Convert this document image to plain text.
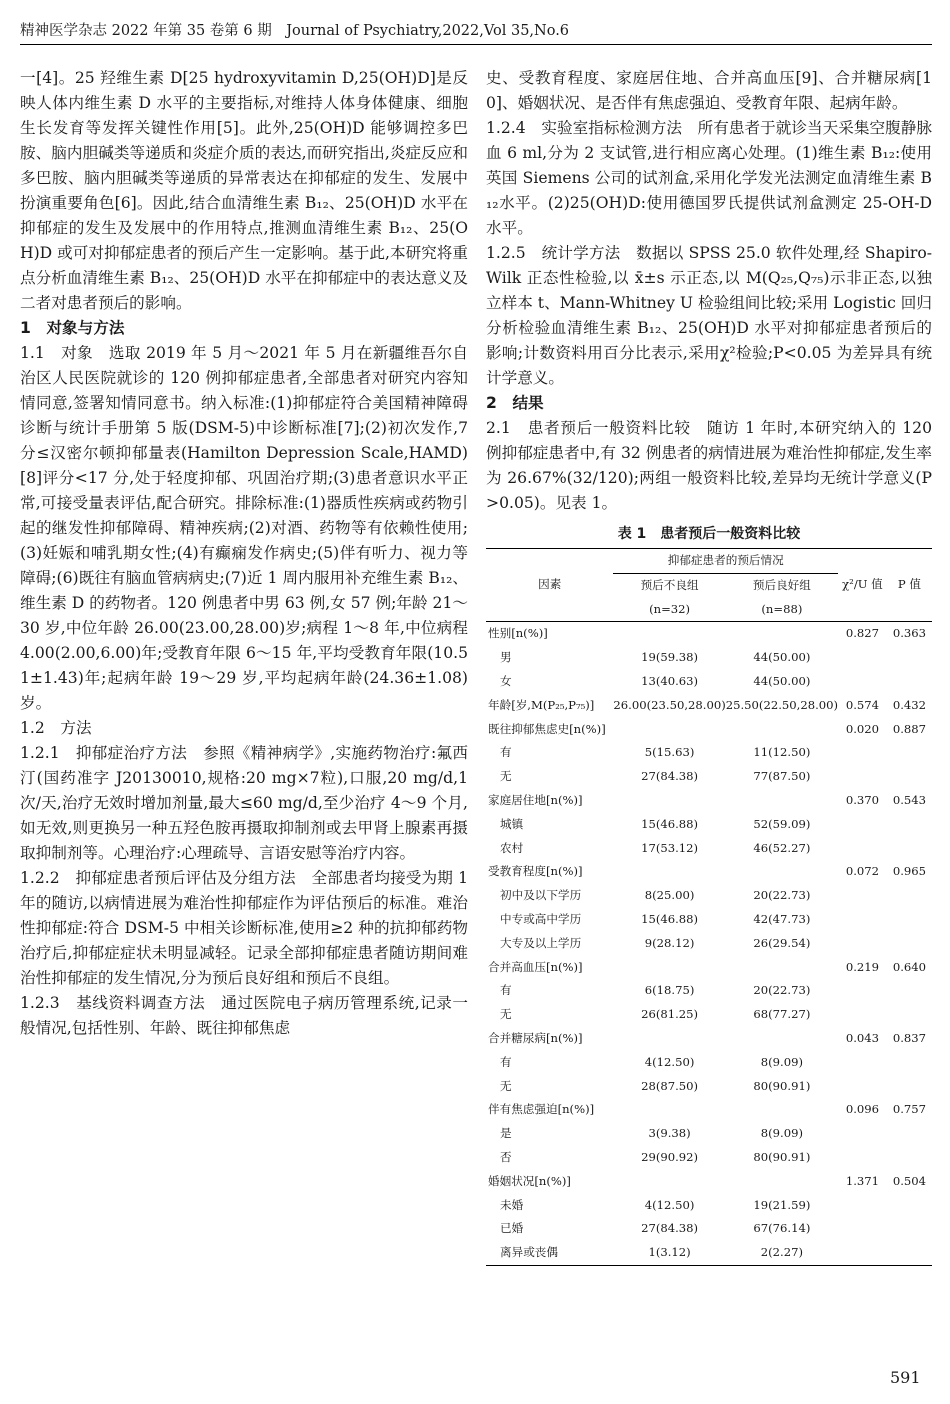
精神医学杂志 2022 年第 35 卷第 6 期　Journal of Psychiatry,2022,Vol 35,No.6

一[4]。25 羟维生素 D[25 hydroxyvitamin D,25(OH)D]是反映人体内维生素 D 水平的主要指标,对维持人体身体健康、细胞生长发育等发挥关键性作用[5]。此外,25(OH)D 能够调控多巴胺、脑内胆碱类等递质和炎症介质的表达,而研究指出,炎症反应和多巴胺、脑内胆碱类等递质的异常表达在抑郁症的发生、发展中扮演重要角色[6]。因此,结合血清维生素 B₁₂、25(OH)D 水平在抑郁症的发生及发展中的作用特点,推测血清维生素 B₁₂、25(OH)D 或可对抑郁症患者的预后产生一定影响。基于此,本研究将重点分析血清维生素 B₁₂、25(OH)D 水平在抑郁症中的表达意义及二者对患者预后的影响。

1　对象与方法

1.1　对象　选取 2019 年 5 月～2021 年 5 月在新疆维吾尔自治区人民医院就诊的 120 例抑郁症患者,全部患者对研究内容知情同意,签署知情同意书。纳入标准:(1)抑郁症符合美国精神障碍诊断与统计手册第 5 版(DSM-5)中诊断标准[7];(2)初次发作,7 分≤汉密尔顿抑郁量表(Hamilton Depression Scale,HAMD)[8]评分<17 分,处于轻度抑郁、巩固治疗期;(3)患者意识水平正常,可接受量表评估,配合研究。排除标准:(1)器质性疾病或药物引起的继发性抑郁障碍、精神疾病;(2)对酒、药物等有依赖性使用;(3)妊娠和哺乳期女性;(4)有癫痫发作病史;(5)伴有听力、视力等障碍;(6)既往有脑血管病病史;(7)近 1 周内服用补充维生素 B₁₂、维生素 D 的药物者。120 例患者中男 63 例,女 57 例;年龄 21～30 岁,中位年龄 26.00(23.00,28.00)岁;病程 1～8 年,中位病程 4.00(2.00,6.00)年;受教育年限 6～15 年,平均受教育年限(10.51±1.43)年;起病年龄 19～29 岁,平均起病年龄(24.36±1.08)岁。

1.2　方法

1.2.1　抑郁症治疗方法　参照《精神病学》,实施药物治疗:氟西汀(国药准字 J20130010,规格:20 mg×7粒),口服,20 mg/d,1 次/天,治疗无效时增加剂量,最大≤60 mg/d,至少治疗 4～9 个月,如无效,则更换另一种五羟色胺再摄取抑制剂或去甲肾上腺素再摄取抑制剂等。心理治疗:心理疏导、言语安慰等治疗内容。

1.2.2　抑郁症患者预后评估及分组方法　全部患者均接受为期 1 年的随访,以病情进展为难治性抑郁症作为评估预后的标准。难治性抑郁症:符合 DSM-5 中相关诊断标准,使用≥2 种的抗抑郁药物治疗后,抑郁症症状未明显减轻。记录全部抑郁症患者随访期间难治性抑郁症的发生情况,分为预后良好组和预后不良组。

1.2.3　基线资料调查方法　通过医院电子病历管理系统,记录一般情况,包括性别、年龄、既往抑郁焦虑

史、受教育程度、家庭居住地、合并高血压[9]、合并糖尿病[10]、婚姻状况、是否伴有焦虑强迫、受教育年限、起病年龄。

1.2.4　实验室指标检测方法　所有患者于就诊当天采集空腹静脉血 6 ml,分为 2 支试管,进行相应离心处理。(1)维生素 B₁₂:使用英国 Siemens 公司的试剂盒,采用化学发光法测定血清维生素 B₁₂水平。(2)25(OH)D:使用德国罗氏提供试剂盒测定 25-OH-D 水平。

1.2.5　统计学方法　数据以 SPSS 25.0 软件处理,经 Shapiro-Wilk 正态性检验,以 x̄±s 示正态,以 M(Q₂₅,Q₇₅)示非正态,以独立样本 t、Mann-Whitney U 检验组间比较;采用 Logistic 回归分析检验血清维生素 B₁₂、25(OH)D 水平对抑郁症患者预后的影响;计数资料用百分比表示,采用χ²检验;P<0.05 为差异具有统计学意义。

2　结果

2.1　患者预后一般资料比较　随访 1 年时,本研究纳入的 120 例抑郁症患者中,有 32 例患者的病情进展为难治性抑郁症,发生率为 26.67%(32/120);两组一般资料比较,差异均无统计学意义(P>0.05)。见表 1。

表 1　患者预后一般资料比较
因素	抑郁症患者的预后情况		χ²/U 值	P 值
	预后不良组	预后良好组		
	(n=32)	(n=88)		
性别[n(%)]			0.827	0.363
男	19(59.38)	44(50.00)		
女	13(40.63)	44(50.00)		
年龄[岁,M(P₂₅,P₇₅)]	26.00(23.50,28.00)	25.50(22.50,28.00)	0.574	0.432
既往抑郁焦虑史[n(%)]			0.020	0.887
有	5(15.63)	11(12.50)		
无	27(84.38)	77(87.50)		
家庭居住地[n(%)]			0.370	0.543
城镇	15(46.88)	52(59.09)		
农村	17(53.12)	46(52.27)		
受教育程度[n(%)]			0.072	0.965
初中及以下学历	8(25.00)	20(22.73)		
中专或高中学历	15(46.88)	42(47.73)		
大专及以上学历	9(28.12)	26(29.54)		
合并高血压[n(%)]			0.219	0.640
有	6(18.75)	20(22.73)		
无	26(81.25)	68(77.27)		
合并糖尿病[n(%)]			0.043	0.837
有	4(12.50)	8(9.09)		
无	28(87.50)	80(90.91)		
伴有焦虑强迫[n(%)]			0.096	0.757
是	3(9.38)	8(9.09)		
否	29(90.92)	80(90.91)		
婚姻状况[n(%)]			1.371	0.504
未婚	4(12.50)	19(21.59)		
已婚	27(84.38)	67(76.14)		
离异或丧偶	1(3.12)	2(2.27)		
591
